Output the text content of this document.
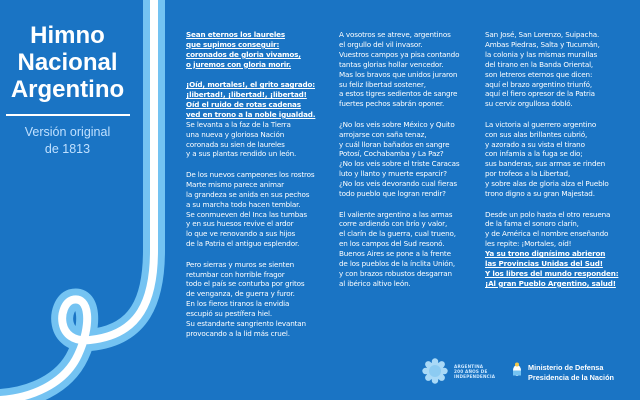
Himno
Nacional
Argentino
Versión original
de 1813
Sean eternos los laureles
que supimos conseguir:
coronados de gloria vivamos,
o juremos con gloria morir.
¡Oíd, mortales!, el grito sagrado:
¡libertad!, ¡libertad!, ¡libertad!
Oíd el ruido de rotas cadenas
ved en trono a la noble igualdad.
Se levanta a la faz de la Tierra
una nueva y gloriosa Nación
coronada su sien de laureles
y a sus plantas rendido un león.
De los nuevos campeones los rostros
Marte mismo parece animar
la grandeza se anida en sus pechos
a su marcha todo hacen temblar.
Se conmueven del Inca las tumbas
y en sus huesos revive el ardor
lo que ve renovando a sus hijos
de la Patria el antiguo esplendor.
Pero sierras y muros se sienten
retumbar con horrible fragor
todo el país se conturba por gritos
de venganza, de guerra y furor.
En los fieros tiranos la envidia
escupió su pestífera hiel.
Su estandarte sangriento levantan
provocando a la lid más cruel.
A vosotros se atreve, argentinos
el orgullo del vil invasor.
Vuestros campos ya pisa contando
tantas glorias hollar vencedor.
Mas los bravos que unidos juraron
su feliz libertad sostener,
a estos tigres sedientos de sangre
fuertes pechos sabrán oponer.
¿No los veis sobre México y Quito
arrojarse con saña tenaz,
y cuál lloran bañados en sangre
Potosí, Cochabamba y La Paz?
¿No los veis sobre el triste Caracas
luto y llanto y muerte esparcir?
¿No los veis devorando cual fieras
todo pueblo que logran rendir?
El valiente argentino a las armas
corre ardiendo con brío y valor,
el clarín de la guerra, cual trueno,
en los campos del Sud resonó.
Buenos Aires se pone a la frente
de los pueblos de la ínclita Unión,
y con brazos robustos desgarran
al ibérico altivo león.
San José, San Lorenzo, Suipacha.
Ambas Piedras, Salta y Tucumán,
la colonia y las mismas murallas
del tirano en la Banda Oriental,
son letreros eternos que dicen:
aquí el brazo argentino triunfó,
aquí el fiero opresor de la Patria
su cerviz orgullosa dobló.
La victoria al guerrero argentino
con sus alas brillantes cubrió,
y azorado a su vista el tirano
con infamia a la fuga se dio;
sus banderas, sus armas se rinden
por trofeos a la Libertad,
y sobre alas de gloria alza el Pueblo
trono digno a su gran Majestad.
Desde un polo hasta el otro resuena
de la fama el sonoro clarín,
y de América el nombre enseñando
les repite: ¡Mortales, oíd!
Ya su trono dignísimo abrieron
las Provincias Unidas del Sud!
Y los libres del mundo responden:
¡Al gran Pueblo Argentino, salud!
ARGENTINA
200 AÑOS DE
INDEPENDENCIA
Ministerio de Defensa
Presidencia de la Nación
